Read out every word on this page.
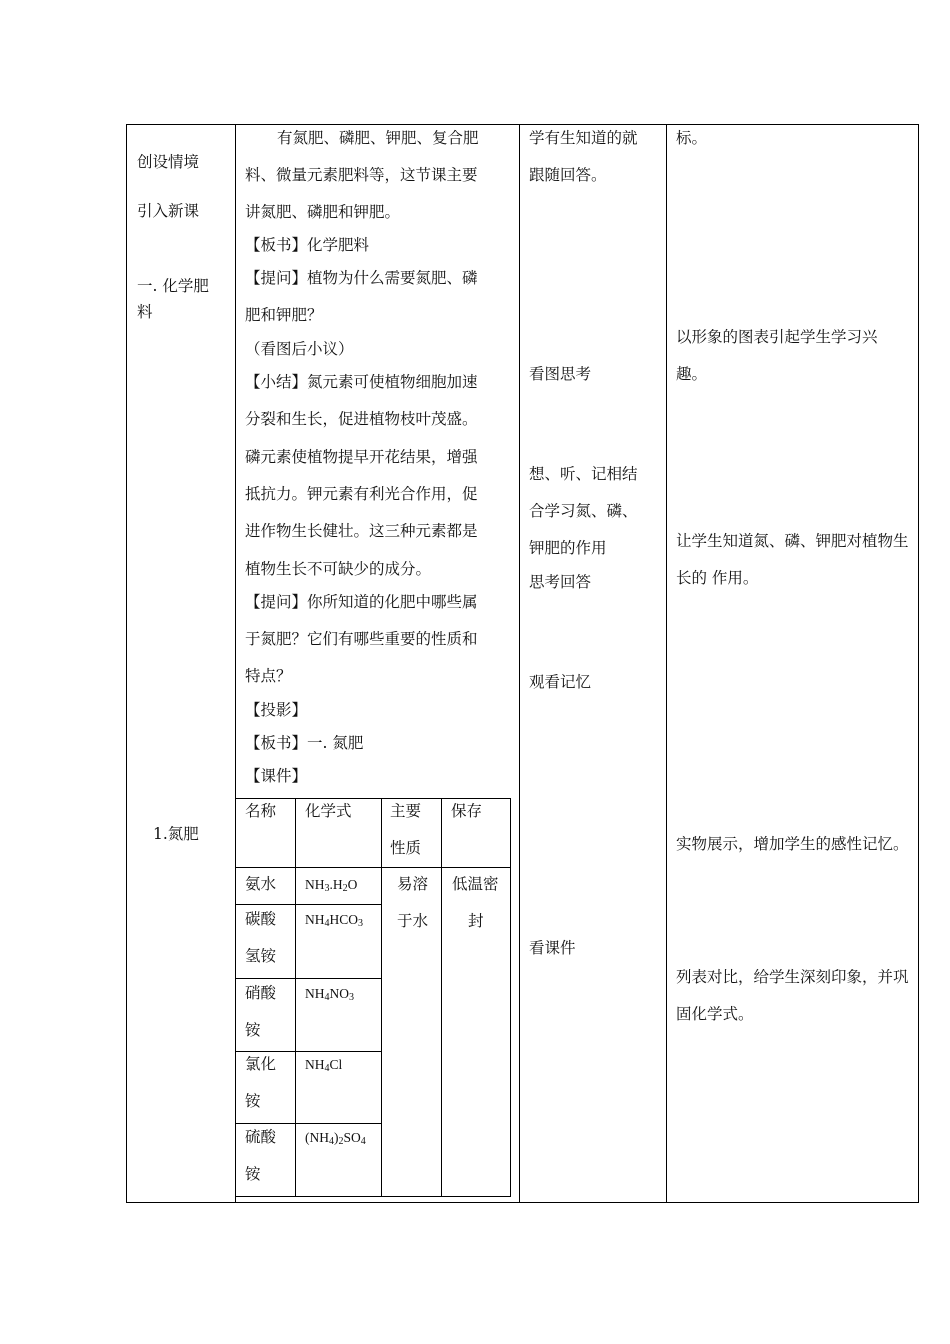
创设情境
引入新课
一. 化学肥
料
1.氮肥
有氮肥、磷肥、钾肥、复合肥
料、微量元素肥料等，这节课主要
讲氮肥、磷肥和钾肥。
【板书】化学肥料
【提问】植物为什么需要氮肥、磷
肥和钾肥？
（看图后小议）
【小结】氮元素可使植物细胞加速
分裂和生长，促进植物枝叶茂盛。
磷元素使植物提早开花结果，增强
抵抗力。钾元素有利光合作用，促
进作物生长健壮。这三种元素都是
植物生长不可缺少的成分。
【提问】你所知道的化肥中哪些属
于氮肥？它们有哪些重要的性质和
特点？
【投影】
【板书】一. 氮肥
【课件】
名称 化学式 主要
性质
保存
氨水 $NH_3.H_2O$	易溶
于水
低温密
封
碳酸
氢铵
$NH_4HCO_3$
硝酸
铵
$NH_4NO_3$
氯化
铵
$NH_4Cl$
硫酸
铵
$(NH_4)_2SO_4$
学有生知道的就
跟随回答。
看图思考
想、听、记相结
合学习氮、磷、
钾肥的作用
思考回答
观看记忆
看课件
标。
以形象的图表引起学生学习兴
趣。
让学生知道氮、磷、钾肥对植物生
长的 作用。
实物展示，增加学生的感性记忆。
列表对比，给学生深刻印象，并巩
固化学式。
